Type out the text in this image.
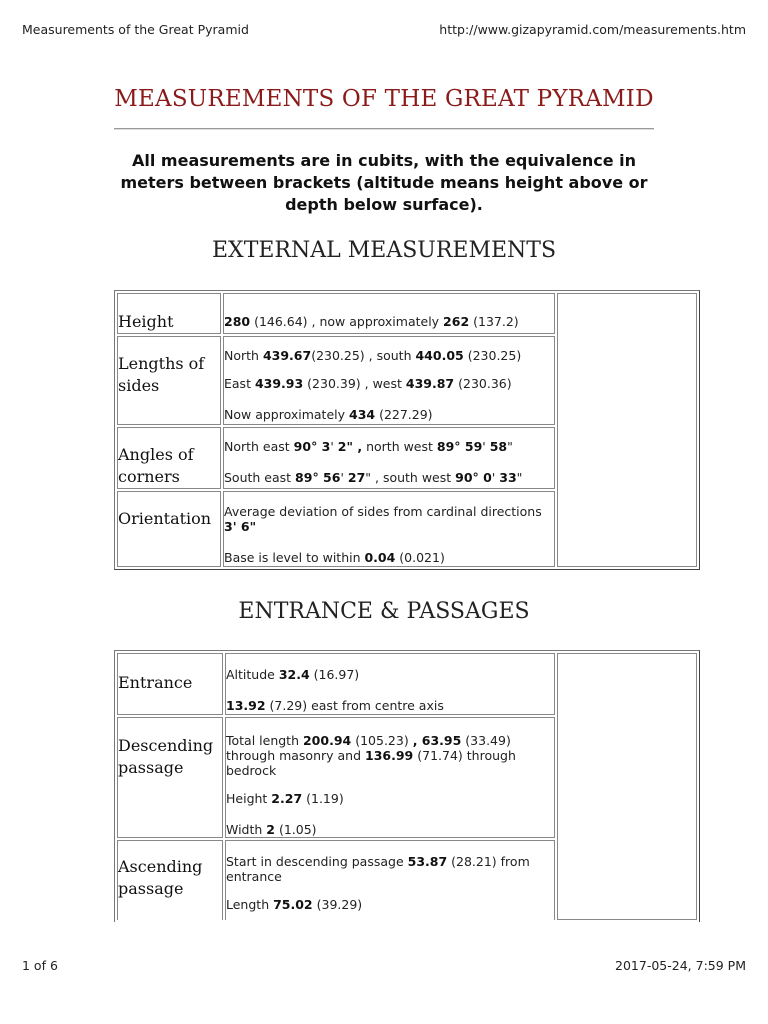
Measurements of the Great Pyramid	http://www.gizapyramid.com/measurements.htm
MEASUREMENTS OF THE GREAT PYRAMID
All measurements are in cubits, with the equivalence in meters between brackets (altitude means height above or depth below surface).
EXTERNAL MEASUREMENTS
Height	280 (146.64) , now approximately 262 (137.2)	

Lengths of sides	North 439.67(230.25) , south 440.05 (230.25)

East 439.93 (230.39) , west 439.87 (230.36)

Now approximately 434 (227.29)	

Angles of corners	North east 90° 3' 2" , north west 89° 59' 58"

South east 89° 56' 27" , south west 90° 0' 33"	

Orientation	Average deviation of sides from cardinal directions 3' 6"

Base is level to within 0.04 (0.021)	

ENTRANCE & PASSAGES
Entrance	Altitude 32.4 (16.97)

13.92 (7.29) east from centre axis	

Descending passage	Total length 200.94 (105.23) , 63.95 (33.49) through masonry and 136.99 (71.74) through bedrock

Height 2.27 (1.19)

Width 2 (1.05)	

Ascending passage	Start in descending passage 53.87 (28.21) from entrance

Length 75.02 (39.29)	

1 of 6	2017-05-24, 7:59 PM
